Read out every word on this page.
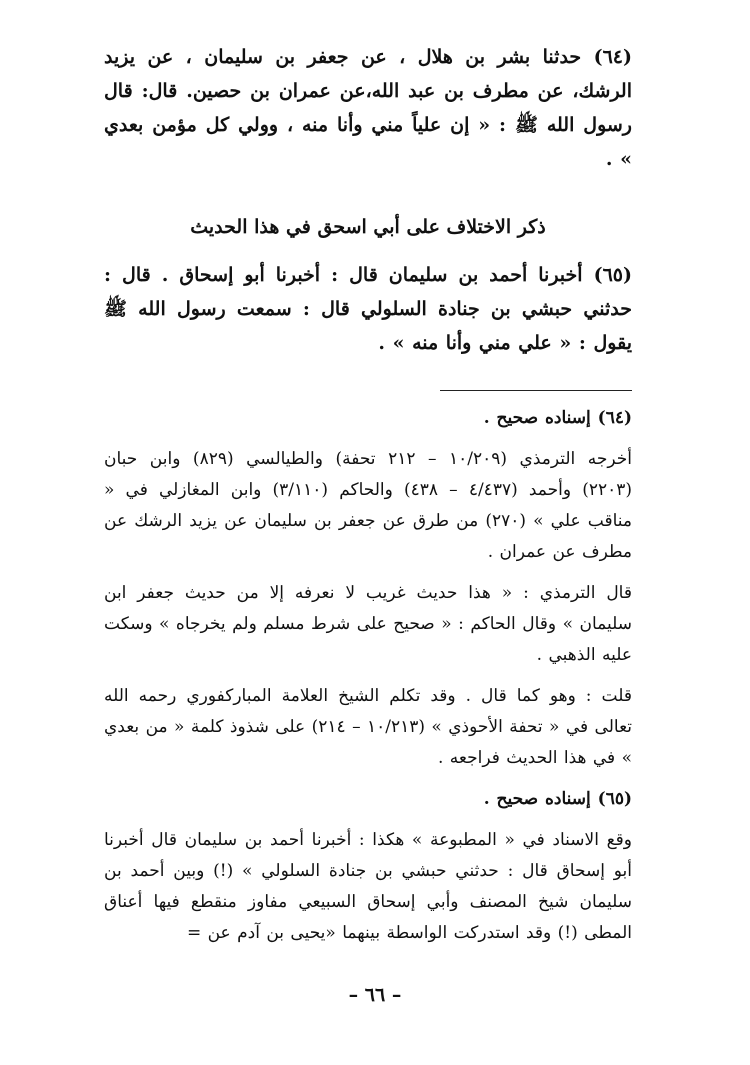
(٦٤) حدثنا بشر بن هلال ، عن جعفر بن سليمان ، عن يزيد الرشك، عن مطرف بن عبد الله،عن عمران بن حصين. قال: قال رسول الله ﷺ : « إن علياً مني وأنا منه ، وولي كل مؤمن بعدي » .

ذكر الاختلاف على أبي اسحق في هذا الحديث

(٦٥) أخبرنا أحمد بن سليمان قال : أخبرنا أبو إسحاق . قال : حدثني حبشي بن جنادة السلولي قال : سمعت رسول الله ﷺ يقول : « علي مني وأنا منه » .

(٦٤) إسناده صحيح .

أخرجه الترمذي (١٠/٢٠٩ – ٢١٢ تحفة) والطيالسي (٨٢٩) وابن حبان (٢٢٠٣) وأحمد (٤/٤٣٧ – ٤٣٨) والحاكم (٣/١١٠) وابن المغازلي في « مناقب علي » (٢٧٠) من طرق عن جعفر بن سليمان عن يزيد الرشك عن مطرف عن عمران .

قال الترمذي : « هذا حديث غريب لا نعرفه إلا من حديث جعفر ابن سليمان » وقال الحاكم : « صحيح على شرط مسلم ولم يخرجاه » وسكت عليه الذهبي .

قلت : وهو كما قال . وقد تكلم الشيخ العلامة المباركفوري رحمه الله تعالى في « تحفة الأحوذي » (١٠/٢١٣ – ٢١٤) على شذوذ كلمة « من بعدي » في هذا الحديث فراجعه .

(٦٥) إسناده صحيح .

وقع الاسناد في « المطبوعة » هكذا : أخبرنا أحمد بن سليمان قال أخبرنا أبو إسحاق قال : حدثني حبشي بن جنادة السلولي » (!) وبين أحمد بن سليمان شيخ المصنف وأبي إسحاق السبيعي مفاوز منقطع فيها أعناق المطى (!) وقد استدركت الواسطة بينهما «يحيى بن آدم عن =

– ٦٦ –
